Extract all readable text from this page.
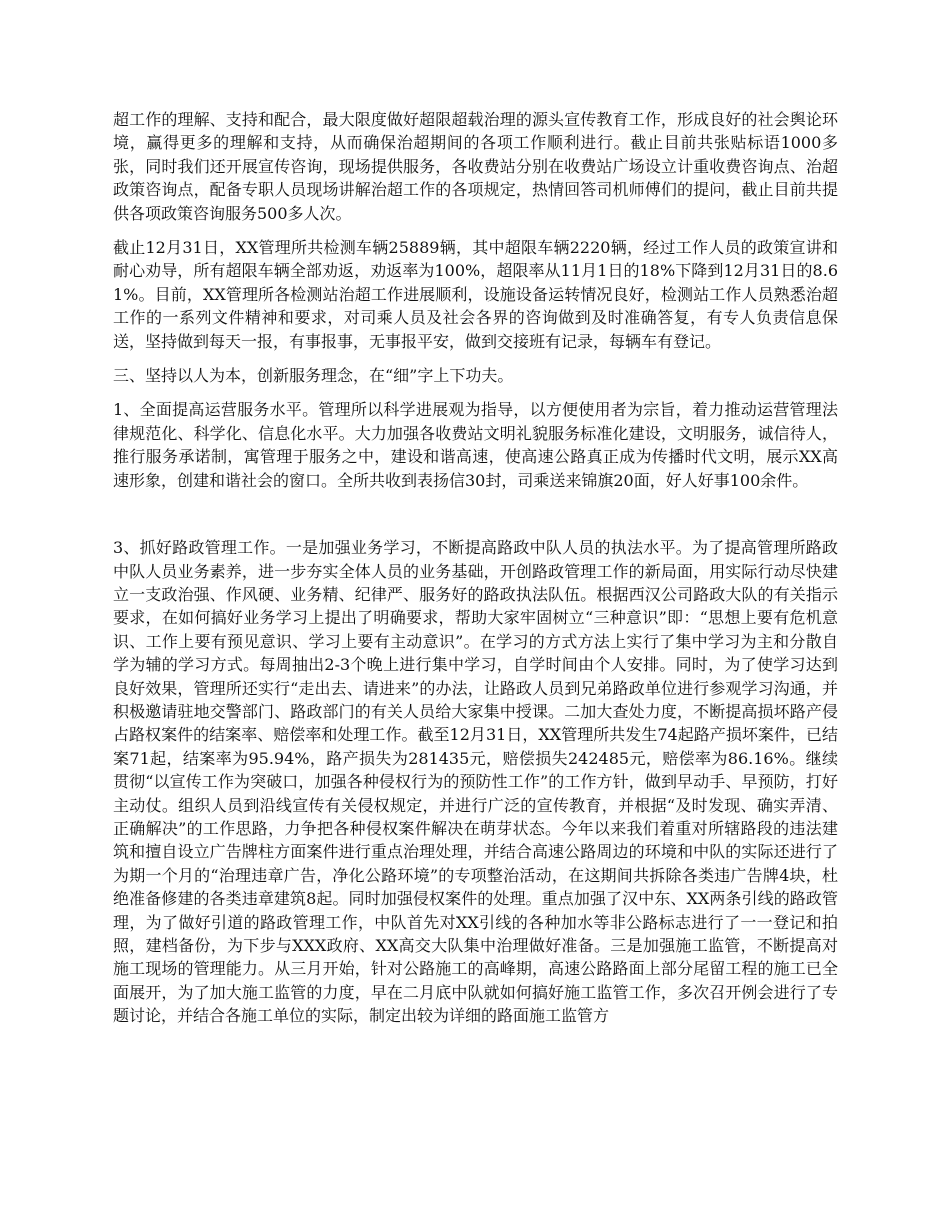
超工作的理解、支持和配合，最大限度做好超限超载治理的源头宣传教育工作，形成良好的社会舆论环境，赢得更多的理解和支持，从而确保治超期间的各项工作顺利进行。截止目前共张贴标语1000多张，同时我们还开展宣传咨询，现场提供服务，各收费站分别在收费站广场设立计重收费咨询点、治超政策咨询点，配备专职人员现场讲解治超工作的各项规定，热情回答司机师傅们的提问，截止目前共提供各项政策咨询服务500多人次。

截止12月31日，XX管理所共检测车辆25889辆，其中超限车辆2220辆，经过工作人员的政策宣讲和耐心劝导，所有超限车辆全部劝返，劝返率为100%，超限率从11月1日的18%下降到12月31日的8.61%。目前，XX管理所各检测站治超工作进展顺利，设施设备运转情况良好，检测站工作人员熟悉治超工作的一系列文件精神和要求，对司乘人员及社会各界的咨询做到及时准确答复，有专人负责信息保送，坚持做到每天一报，有事报事，无事报平安，做到交接班有记录，每辆车有登记。

三、坚持以人为本，创新服务理念，在“细”字上下功夫。

1、全面提高运营服务水平。管理所以科学进展观为指导，以方便使用者为宗旨，着力推动运营管理法律规范化、科学化、信息化水平。大力加强各收费站文明礼貌服务标准化建设，文明服务，诚信待人，推行服务承诺制，寓管理于服务之中，建设和谐高速，使高速公路真正成为传播时代文明，展示XX高速形象，创建和谐社会的窗口。全所共收到表扬信30封，司乘送来锦旗20面，好人好事100余件。

3、抓好路政管理工作。一是加强业务学习，不断提高路政中队人员的执法水平。为了提高管理所路政中队人员业务素养，进一步夯实全体人员的业务基础，开创路政管理工作的新局面，用实际行动尽快建立一支政治强、作风硬、业务精、纪律严、服务好的路政执法队伍。根据西汉公司路政大队的有关指示要求，在如何搞好业务学习上提出了明确要求，帮助大家牢固树立“三种意识”即：“思想上要有危机意识、工作上要有预见意识、学习上要有主动意识”。在学习的方式方法上实行了集中学习为主和分散自学为辅的学习方式。每周抽出2-3个晚上进行集中学习，自学时间由个人安排。同时，为了使学习达到良好效果，管理所还实行“走出去、请进来”的办法，让路政人员到兄弟路政单位进行参观学习沟通，并积极邀请驻地交警部门、路政部门的有关人员给大家集中授课。二加大查处力度，不断提高损坏路产侵占路权案件的结案率、赔偿率和处理工作。截至12月31日，XX管理所共发生74起路产损坏案件，已结案71起，结案率为95.94%，路产损失为281435元，赔偿损失242485元，赔偿率为86.16%。继续贯彻“以宣传工作为突破口，加强各种侵权行为的预防性工作”的工作方针，做到早动手、早预防，打好主动仗。组织人员到沿线宣传有关侵权规定，并进行广泛的宣传教育，并根据“及时发现、确实弄清、正确解决”的工作思路，力争把各种侵权案件解决在萌芽状态。今年以来我们着重对所辖路段的违法建筑和擅自设立广告牌柱方面案件进行重点治理处理，并结合高速公路周边的环境和中队的实际还进行了为期一个月的“治理违章广告，净化公路环境”的专项整治活动，在这期间共拆除各类违广告牌4块，杜绝准备修建的各类违章建筑8起。同时加强侵权案件的处理。重点加强了汉中东、XX两条引线的路政管理，为了做好引道的路政管理工作，中队首先对XX引线的各种加水等非公路标志进行了一一登记和拍照，建档备份，为下步与XXX政府、XX高交大队集中治理做好准备。三是加强施工监管，不断提高对施工现场的管理能力。从三月开始，针对公路施工的高峰期，高速公路路面上部分尾留工程的施工已全面展开，为了加大施工监管的力度，早在二月底中队就如何搞好施工监管工作，多次召开例会进行了专题讨论，并结合各施工单位的实际，制定出较为详细的路面施工监管方
